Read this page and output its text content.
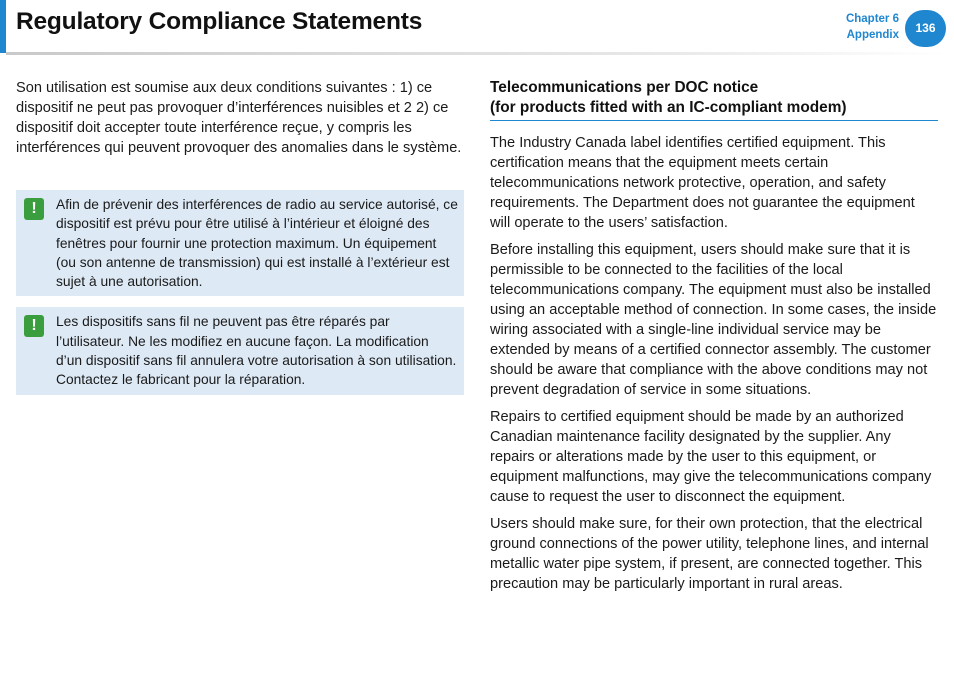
Regulatory Compliance Statements	Chapter 6
Appendix	136

Son utilisation est soumise aux deux conditions suivantes : 1) ce dispositif ne peut pas provoquer d’interférences nuisibles et 2 2) ce dispositif doit accepter toute interférence reçue, y compris les interférences qui peuvent provoquer des anomalies dans le système.

!	Afin de prévenir des interférences de radio au service autorisé, ce dispositif est prévu pour être utilisé à l’intérieur et éloigné des fenêtres pour fournir une protection maximum. Un équipement (ou son antenne de transmission) qui est installé à l’extérieur est sujet à une autorisation.

!	Les dispositifs sans fil ne peuvent pas être réparés par l’utilisateur. Ne les modifiez en aucune façon. La modification d’un dispositif sans fil annulera votre autorisation à son utilisation. Contactez le fabricant pour la réparation.

Telecommunications per DOC notice
(for products fitted with an IC-compliant modem)

The Industry Canada label identifies certified equipment. This certification means that the equipment meets certain telecommunications network protective, operation, and safety requirements. The Department does not guarantee the equipment will operate to the users’ satisfaction.

Before installing this equipment, users should make sure that it is permissible to be connected to the facilities of the local telecommunications company. The equipment must also be installed using an acceptable method of connection. In some cases, the inside wiring associated with a single-line individual service may be extended by means of a certified connector assembly. The customer should be aware that compliance with the above conditions may not prevent degradation of service in some situations.

Repairs to certified equipment should be made by an authorized Canadian maintenance facility designated by the supplier. Any repairs or alterations made by the user to this equipment, or equipment malfunctions, may give the telecommunications company cause to request the user to disconnect the equipment.

Users should make sure, for their own protection, that the electrical ground connections of the power utility, telephone lines, and internal metallic water pipe system, if present, are connected together. This precaution may be particularly important in rural areas.
